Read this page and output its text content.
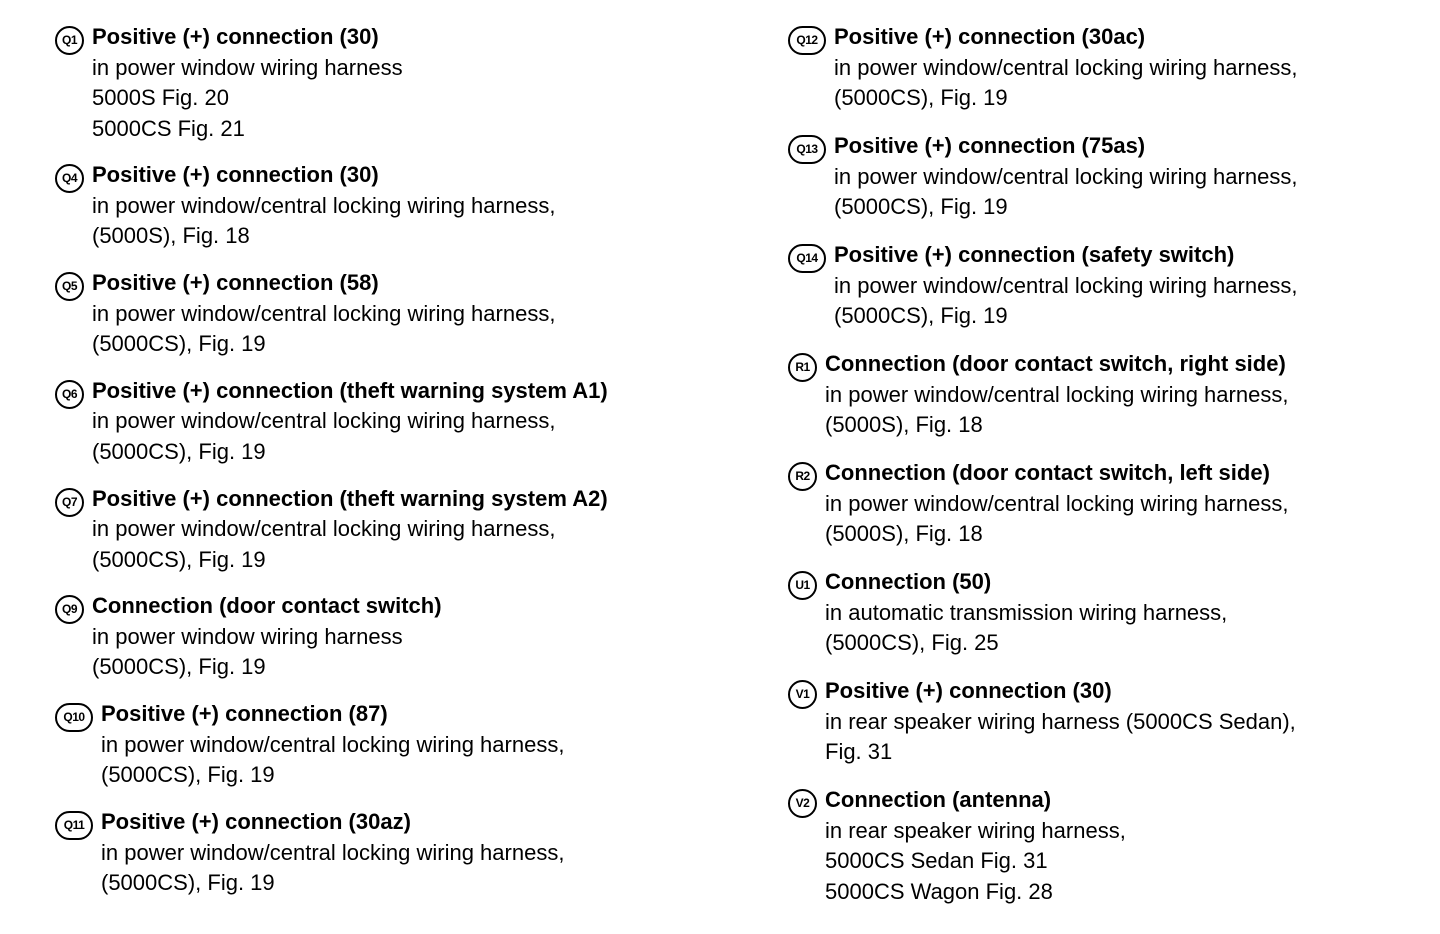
Q1 Positive (+) connection (30)
in power window wiring harness
5000S Fig. 20
5000CS Fig. 21
Q4 Positive (+) connection (30)
in power window/central locking wiring harness,
(5000S), Fig. 18
Q5 Positive (+) connection (58)
in power window/central locking wiring harness,
(5000CS), Fig. 19
Q6 Positive (+) connection (theft warning system A1)
in power window/central locking wiring harness,
(5000CS), Fig. 19
Q7 Positive (+) connection (theft warning system A2)
in power window/central locking wiring harness,
(5000CS), Fig. 19
Q9 Connection (door contact switch)
in power window wiring harness
(5000CS), Fig. 19
Q10 Positive (+) connection (87)
in power window/central locking wiring harness,
(5000CS), Fig. 19
Q11 Positive (+) connection (30az)
in power window/central locking wiring harness,
(5000CS), Fig. 19
Q12 Positive (+) connection (30ac)
in power window/central locking wiring harness,
(5000CS), Fig. 19
Q13 Positive (+) connection (75as)
in power window/central locking wiring harness,
(5000CS), Fig. 19
Q14 Positive (+) connection (safety switch)
in power window/central locking wiring harness,
(5000CS), Fig. 19
R1 Connection (door contact switch, right side)
in power window/central locking wiring harness,
(5000S), Fig. 18
R2 Connection (door contact switch, left side)
in power window/central locking wiring harness,
(5000S), Fig. 18
U1 Connection (50)
in automatic transmission wiring harness,
(5000CS), Fig. 25
V1 Positive (+) connection (30)
in rear speaker wiring harness (5000CS Sedan),
Fig. 31
V2 Connection (antenna)
in rear speaker wiring harness,
5000CS Sedan Fig. 31
5000CS Wagon Fig. 28
